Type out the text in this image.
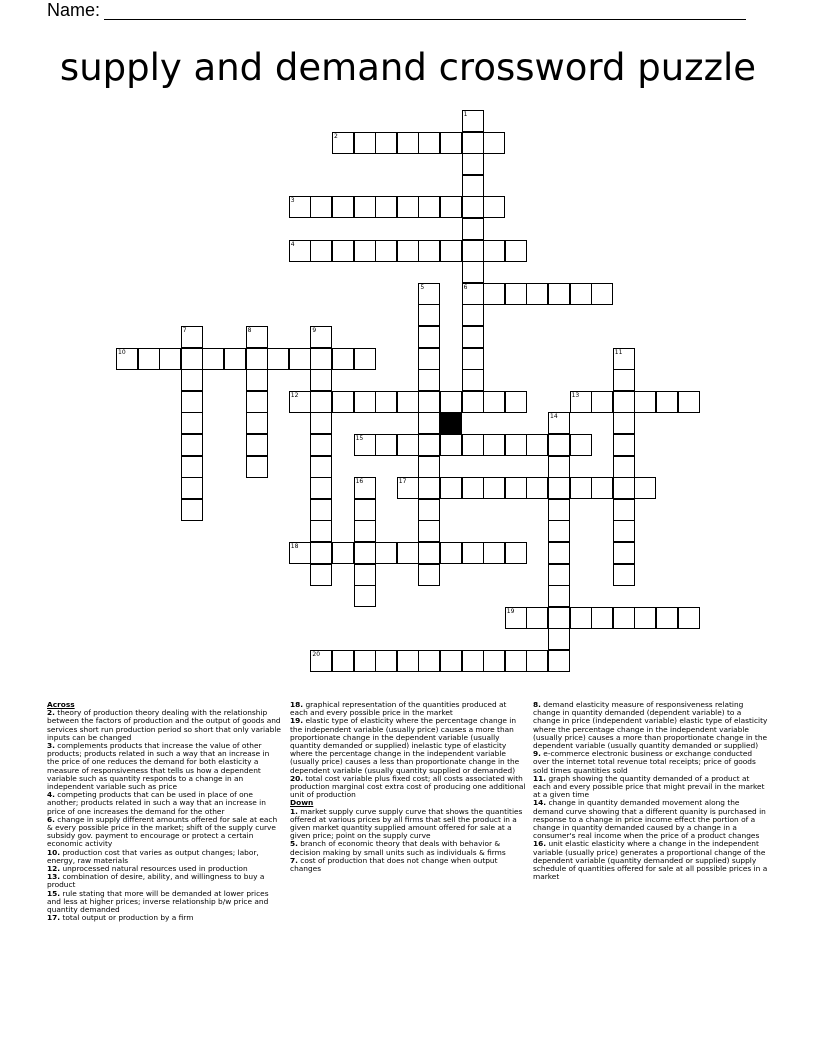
Name:
supply and demand crossword puzzle
1
6
2
3
4
5
7	8	9
10	11
12	13
14
15
16	17
18
19
20
Across
2. theory of production theory dealing with the relationship between the factors of production and the output of goods and services short run production period so short that only variable inputs can be changed
3. complements products that increase the value of other products; products related in such a way that an increase in the price of one reduces the demand for both elasticity a measure of responsiveness that tells us how a dependent variable such as quantity responds to a change in an independent variable such as price
4. competing products that can be used in place of one another; products related in such a way that an increase in price of one increases the demand for the other
6. change in supply different amounts offered for sale at each & every possible price in the market; shift of the supply curve subsidy gov. payment to encourage or protect a certain economic activity
10. production cost that varies as output changes; labor, energy, raw materials
12. unprocessed natural resources used in production
13. combination of desire, ability, and willingness to buy a product
15. rule stating that more will be demanded at lower prices and less at higher prices; inverse relationship b/w price and quantity demanded
17. total output or production by a firm
18. graphical representation of the quantities produced at each and every possible price in the market
19. elastic type of elasticity where the percentage change in the independent variable (usually price) causes a more than proportionate change in the dependent variable (usually quantity demanded or supplied) inelastic type of elasticity where the percentage change in the independent variable (usually price) causes a less than proportionate change in the dependent variable (usually quantity supplied or demanded)
20. total cost variable plus fixed cost; all costs associated with production marginal cost extra cost of producing one additional unit of production
Down
1. market supply curve supply curve that shows the quantities offered at various prices by all firms that sell the product in a given market quantity supplied amount offered for sale at a given price; point on the supply curve
5. branch of economic theory that deals with behavior & decision making by small units such as individuals & firms
7. cost of production that does not change when output changes
8. demand elasticity measure of responsiveness relating change in quantity demanded (dependent variable) to a change in price (independent variable) elastic type of elasticity where the percentage change in the independent variable (usually price) causes a more than proportionate change in the dependent variable (usually quantity demanded or supplied)
9. e-commerce electronic business or exchange conducted over the internet total revenue total receipts; price of goods sold times quantities sold
11. graph showing the quantity demanded of a product at each and every possible price that might prevail in the market at a given time
14. change in quantity demanded movement along the demand curve showing that a different quanity is purchased in response to a change in price income effect the portion of a change in quantity demanded caused by a change in a consumer's real income when the price of a product changes
16. unit elastic elasticity where a change in the independent variable (usually price) generates a proportional change of the dependent variable (quantity demanded or supplied) supply schedule of quantities offered for sale at all possible prices in a market
